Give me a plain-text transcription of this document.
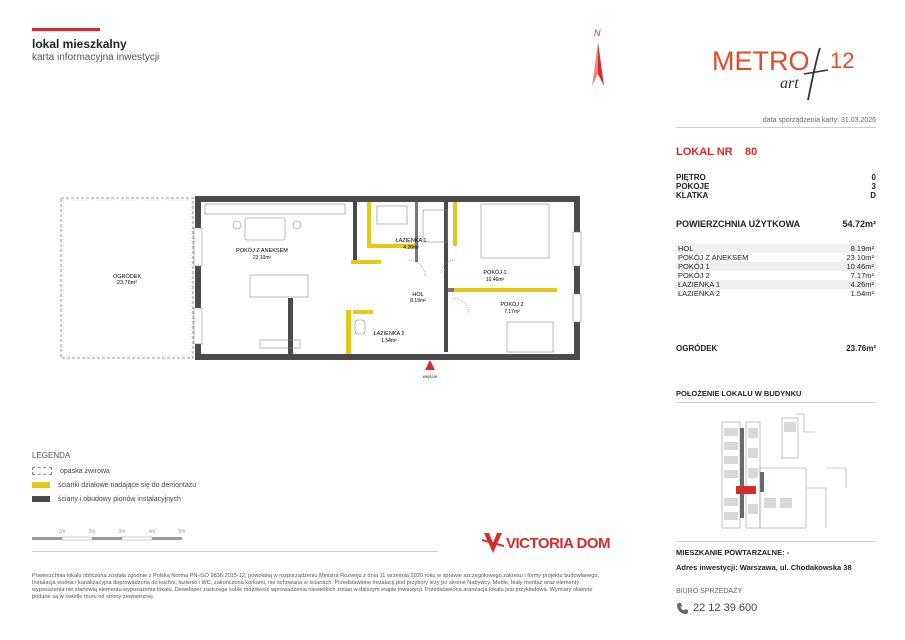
lokal mieszkalny
karta informacyjna inwestycji
N
METRO 12
art
data sporządzenia karty: 31.03.2026
LOKAL NR 80
PIĘTRO	0
POKOJE	3
KLATKA	D
POWIERZCHNIA UŻYTKOWA	54.72m²
HOL	8.19m²
POKÓJ Z ANEKSEM	23.10m²
POKÓJ 1	10.46m²
POKÓJ 2	7.17m²
ŁAZIENKA 1	4.26m²
ŁAZIENKA 2	1.54m²
OGRÓDEK	23.76m²
POŁOŻENIE LOKALU W BUDYNKU
MIESZKANIE POWTARZALNE: -
Adres inwestycji: Warszawa, ul. Chodakowska 38
BIURO SPRZEDAŻY
22 12 39 600
OGRÓDEK
23.76m²
POKÓJ Z ANEKSEM
23.10m²
ŁAZIENKA 1
4.26m²
HOL
8.19m²
POKÓJ 1
10.46m²
POKÓJ 2
7.17m²
ŁAZIENKA 2
1.54m²
wejście
LEGENDA
opaska żwirowa
ścianki działowe nadające się do demontażu
ściany i obudowy pionów instalacyjnych
1m	2m	3m	4m	5m
VICTORIA DOM
Powierzchnia lokalu obliczona została zgodnie z Polską Normą PN-ISO 9836:2015-12, powołaną w rozporządzeniu Ministra Rozwoju z dnia 11 września 2020 roku w sprawie szczegółowego zakresu i formy projektu budowlanego. Instalacja wodna i kanalizacyjna doprowadzona do kuchni, łazienki i WC, zakończona korkami, nie schowana w ścianach. Przedstawione instalacji pod przybory leży po stronie Nabywcy. Meble, biały montaż oraz elementy wyposażenia nie stanowią elementu wyposażenia lokalu. Deweloper zastrzega sobie możliwość wprowadzenia niewielkich zmian w dalszym etapie inwestycji. Przedstawiona aranżacja lokalu jest przykładowa. Wymiary okienne podane są w świetle muru od strony zewnętrznej.
